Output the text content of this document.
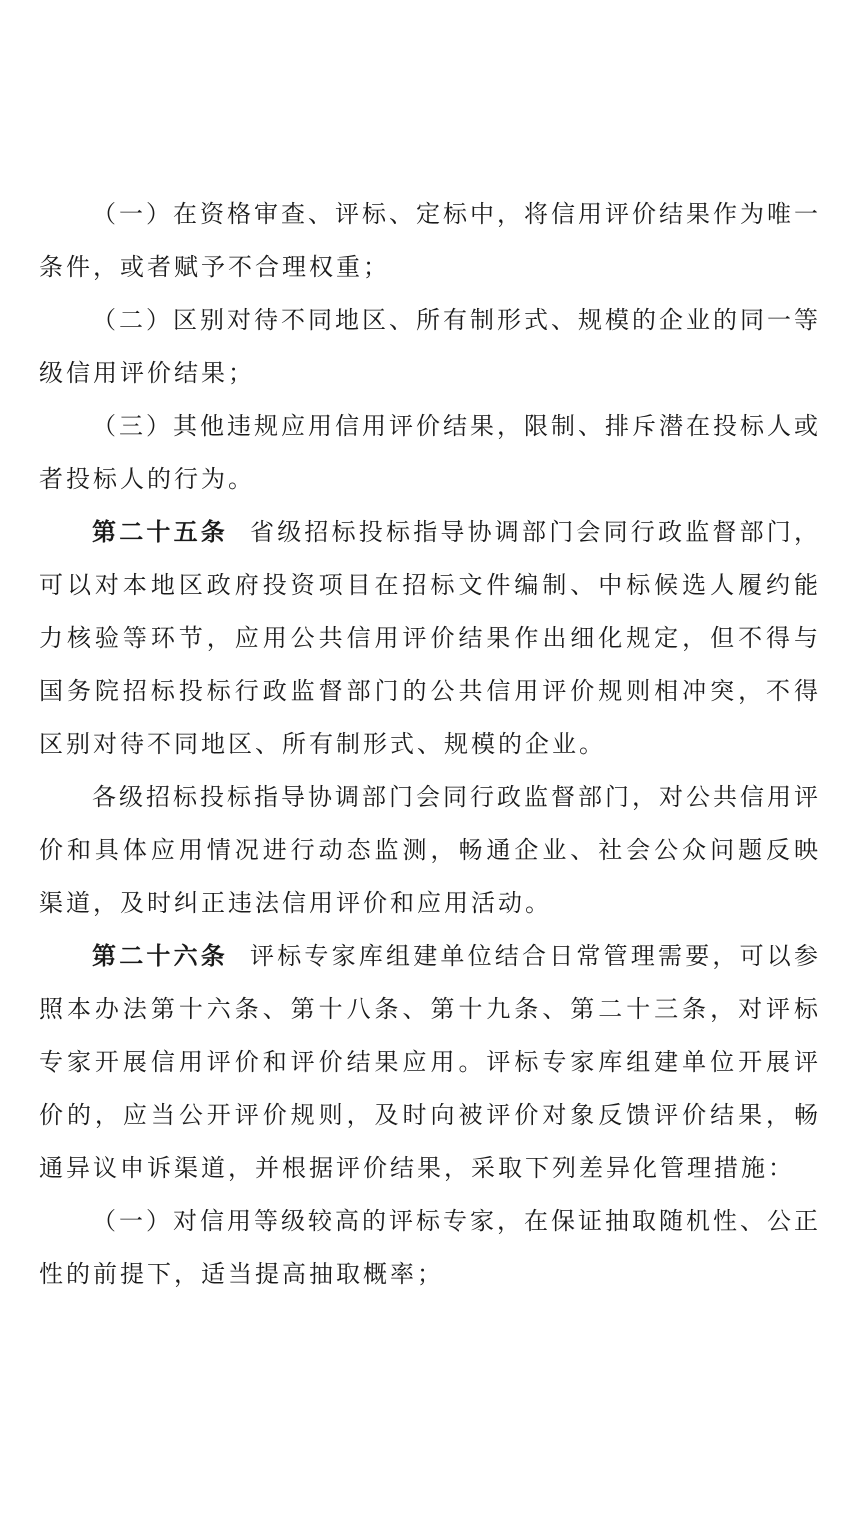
（一）在资格审查、评标、定标中，将信用评价结果作为唯一条件，或者赋予不合理权重；

（二）区别对待不同地区、所有制形式、规模的企业的同一等级信用评价结果；

（三）其他违规应用信用评价结果，限制、排斥潜在投标人或者投标人的行为。

第二十五条 省级招标投标指导协调部门会同行政监督部门，可以对本地区政府投资项目在招标文件编制、中标候选人履约能力核验等环节，应用公共信用评价结果作出细化规定，但不得与国务院招标投标行政监督部门的公共信用评价规则相冲突，不得区别对待不同地区、所有制形式、规模的企业。

各级招标投标指导协调部门会同行政监督部门，对公共信用评价和具体应用情况进行动态监测，畅通企业、社会公众问题反映渠道，及时纠正违法信用评价和应用活动。

第二十六条 评标专家库组建单位结合日常管理需要，可以参照本办法第十六条、第十八条、第十九条、第二十三条，对评标专家开展信用评价和评价结果应用。评标专家库组建单位开展评价的，应当公开评价规则，及时向被评价对象反馈评价结果，畅通异议申诉渠道，并根据评价结果，采取下列差异化管理措施：

（一）对信用等级较高的评标专家，在保证抽取随机性、公正性的前提下，适当提高抽取概率；
